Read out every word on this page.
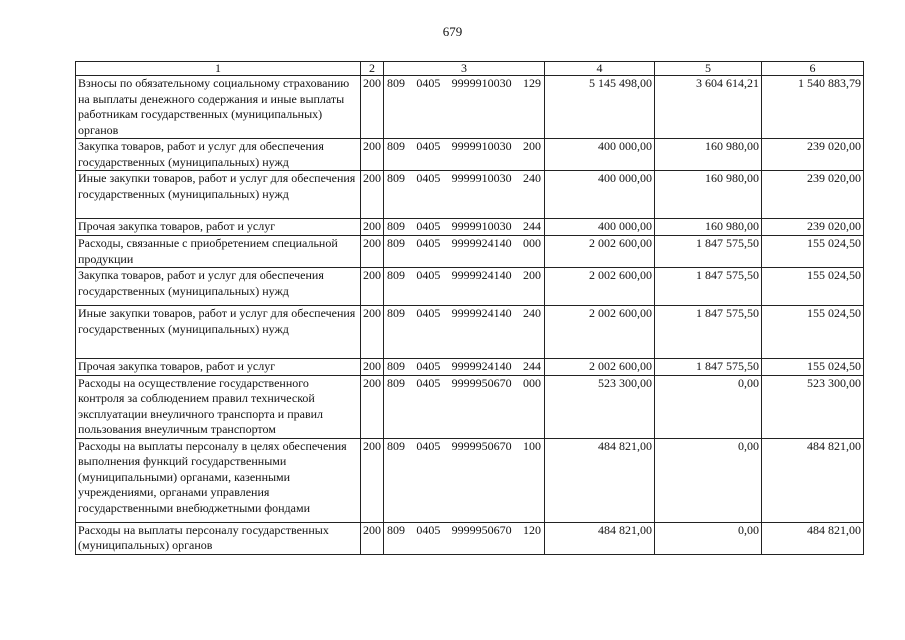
679
1	2	3	4	5	6
Взносы по обязательному социальному страхованию на выплаты денежного содержания и иные выплаты работникам государственных (муниципальных) органов	200	809 0405 9999910030 129	5 145 498,00	3 604 614,21	1 540 883,79
Закупка товаров, работ и услуг для обеспечения государственных (муниципальных) нужд	200	809 0405 9999910030 200	400 000,00	160 980,00	239 020,00
Иные закупки товаров, работ и услуг для обеспечения государственных (муниципальных) нужд	200	809 0405 9999910030 240	400 000,00	160 980,00	239 020,00
Прочая закупка товаров, работ и услуг	200	809 0405 9999910030 244	400 000,00	160 980,00	239 020,00
Расходы, связанные с приобретением специальной продукции	200	809 0405 9999924140 000	2 002 600,00	1 847 575,50	155 024,50
Закупка товаров, работ и услуг для обеспечения государственных (муниципальных) нужд	200	809 0405 9999924140 200	2 002 600,00	1 847 575,50	155 024,50
Иные закупки товаров, работ и услуг для обеспечения государственных (муниципальных) нужд	200	809 0405 9999924140 240	2 002 600,00	1 847 575,50	155 024,50
Прочая закупка товаров, работ и услуг	200	809 0405 9999924140 244	2 002 600,00	1 847 575,50	155 024,50
Расходы на осуществление государственного контроля за соблюдением правил технической эксплуатации внеуличного транспорта и правил пользования внеуличным транспортом	200	809 0405 9999950670 000	523 300,00	0,00	523 300,00
Расходы на выплаты персоналу в целях обеспечения выполнения функций государственными (муниципальными) органами, казенными учреждениями, органами управления государственными внебюджетными фондами	200	809 0405 9999950670 100	484 821,00	0,00	484 821,00
Расходы на выплаты персоналу государственных (муниципальных) органов	200	809 0405 9999950670 120	484 821,00	0,00	484 821,00
